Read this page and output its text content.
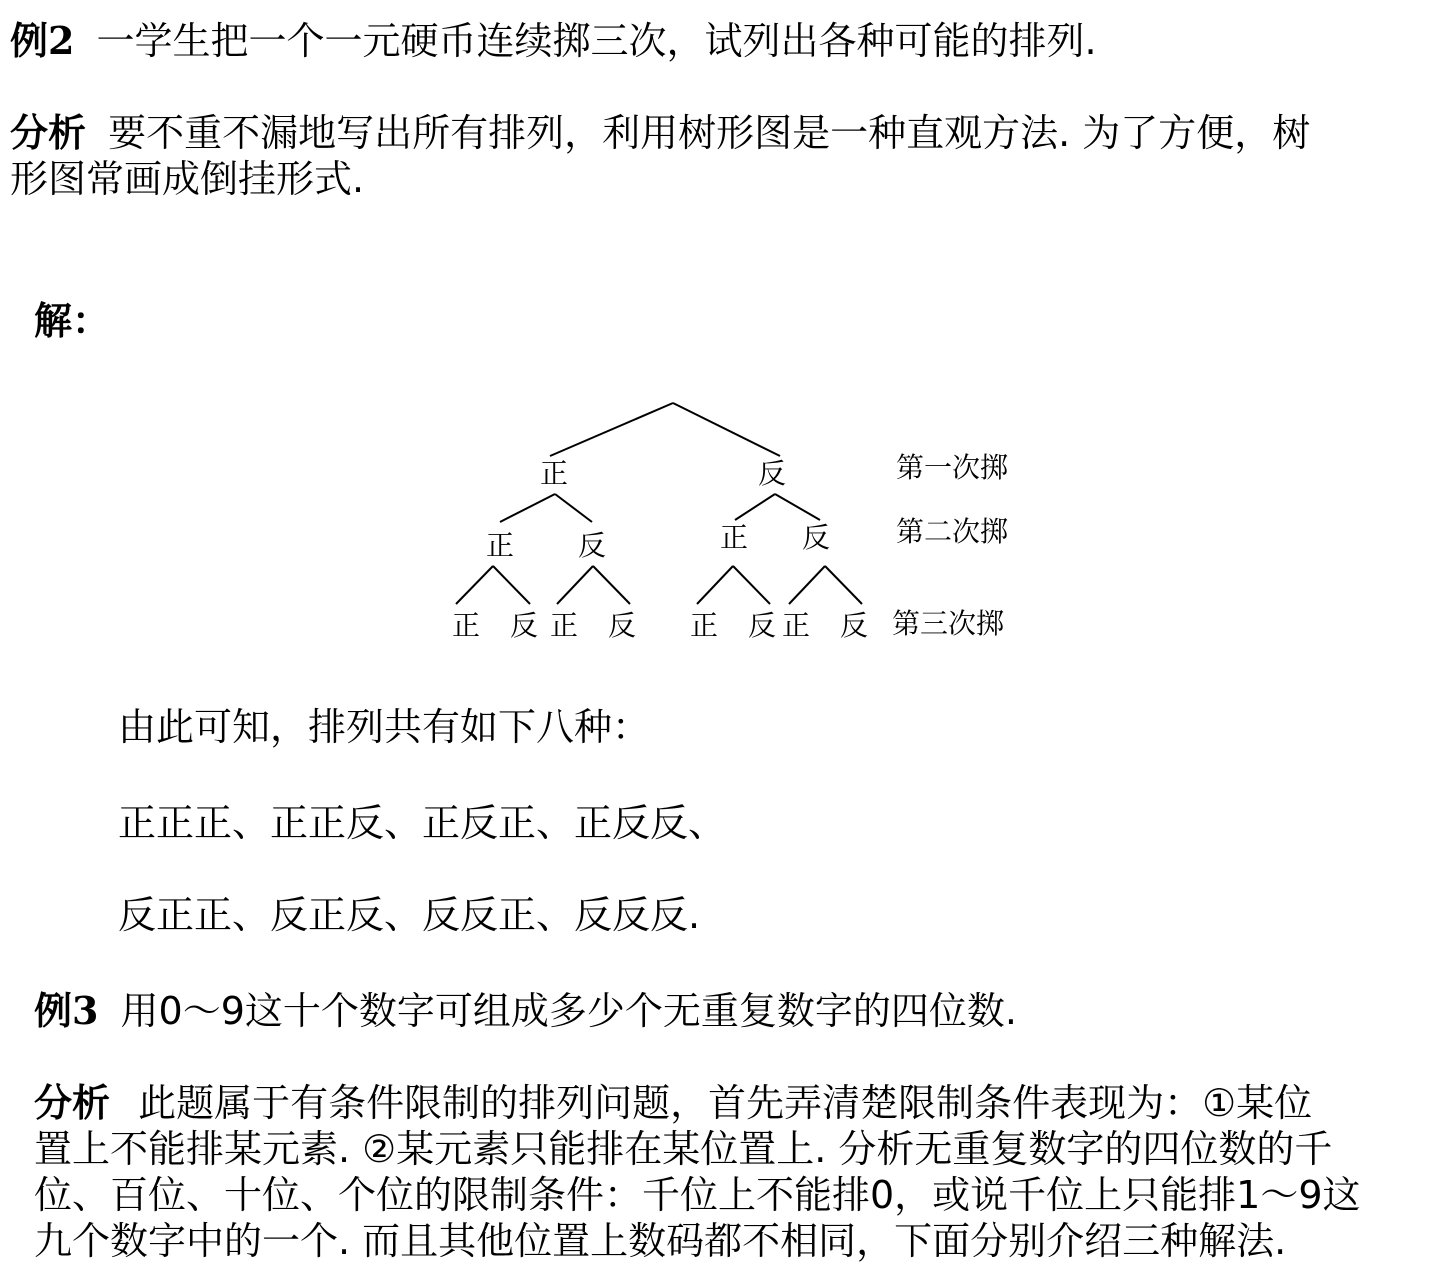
例2 一学生把一个一元硬币连续掷三次，试列出各种可能的排列.
分析 要不重不漏地写出所有排列，利用树形图是一种直观方法. 为了方便，树
形图常画成倒挂形式.
解：
正	反
正 反	正 反
正 反 正 反 正 反 正 反
第一次掷
第二次掷
第三次掷
由此可知，排列共有如下八种：
正正正、正正反、正反正、正反反、
反正正、反正反、反反正、反反反.
例3 用0～9这十个数字可组成多少个无重复数字的四位数.
分析 此题属于有条件限制的排列问题，首先弄清楚限制条件表现为：①某位
置上不能排某元素. ②某元素只能排在某位置上. 分析无重复数字的四位数的千
位、百位、十位、个位的限制条件：千位上不能排0，或说千位上只能排1～9这
九个数字中的一个. 而且其他位置上数码都不相同，下面分别介绍三种解法.
